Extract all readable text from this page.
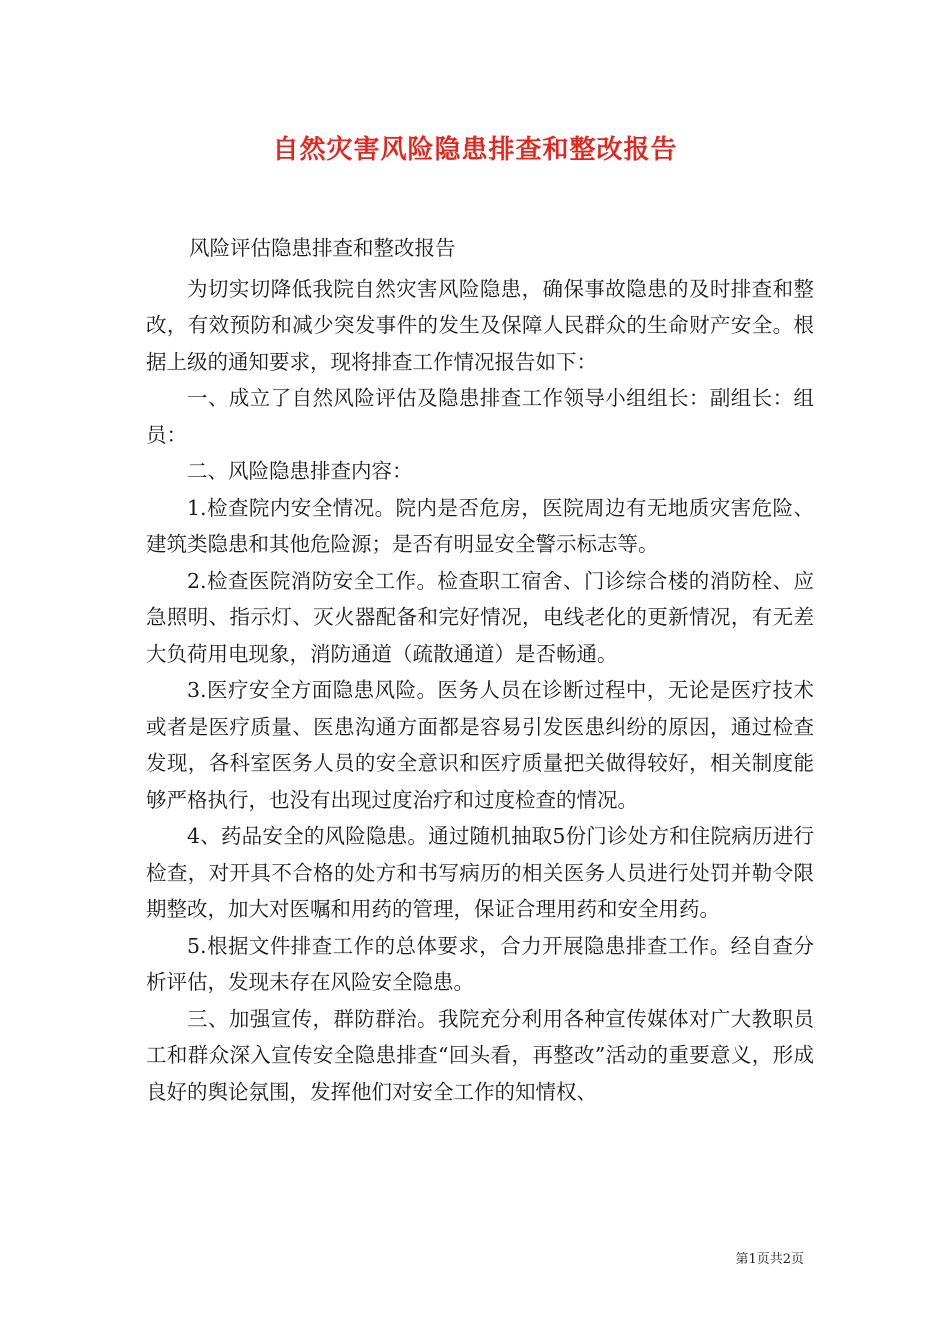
自然灾害风险隐患排查和整改报告

风险评估隐患排查和整改报告

为切实切降低我院自然灾害风险隐患，确保事故隐患的及时排查和整改，有效预防和减少突发事件的发生及保障人民群众的生命财产安全。根据上级的通知要求，现将排查工作情况报告如下：

一、成立了自然风险评估及隐患排查工作领导小组组长：副组长：组员：

二、风险隐患排查内容：

1.检查院内安全情况。院内是否危房，医院周边有无地质灾害危险、建筑类隐患和其他危险源；是否有明显安全警示标志等。

2.检查医院消防安全工作。检查职工宿舍、门诊综合楼的消防栓、应急照明、指示灯、灭火器配备和完好情况，电线老化的更新情况，有无差大负荷用电现象，消防通道（疏散通道）是否畅通。

3.医疗安全方面隐患风险。医务人员在诊断过程中，无论是医疗技术或者是医疗质量、医患沟通方面都是容易引发医患纠纷的原因，通过检查发现，各科室医务人员的安全意识和医疗质量把关做得较好，相关制度能够严格执行，也没有出现过度治疗和过度检查的情况。

4、药品安全的风险隐患。通过随机抽取5份门诊处方和住院病历进行检查，对开具不合格的处方和书写病历的相关医务人员进行处罚并勒令限期整改，加大对医嘱和用药的管理，保证合理用药和安全用药。

5.根据文件排查工作的总体要求，合力开展隐患排查工作。经自查分析评估，发现未存在风险安全隐患。

三、加强宣传，群防群治。我院充分利用各种宣传媒体对广大教职员工和群众深入宣传安全隐患排查“回头看，再整改”活动的重要意义，形成良好的舆论氛围，发挥他们对安全工作的知情权、

第1页共2页
